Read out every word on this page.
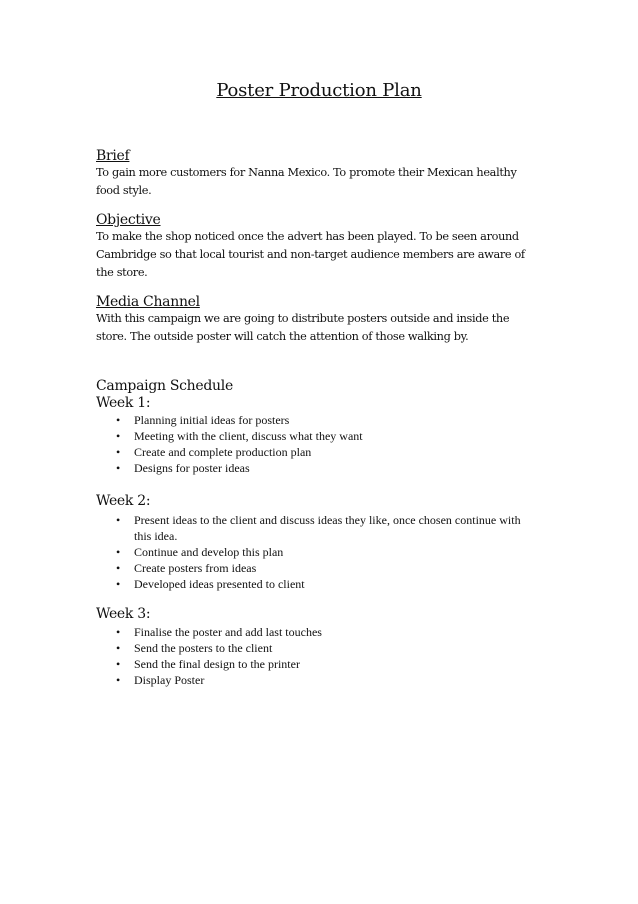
Poster Production Plan
Brief
To gain more customers for Nanna Mexico. To promote their Mexican healthy food style.
Objective
To make the shop noticed once the advert has been played. To be seen around Cambridge so that local tourist and non-target audience members are aware of the store.
Media Channel
With this campaign we are going to distribute posters outside and inside the store. The outside poster will catch the attention of those walking by.
Campaign Schedule
Week 1:
• Planning initial ideas for posters
• Meeting with the client, discuss what they want
• Create and complete production plan
• Designs for poster ideas
Week 2:
• Present ideas to the client and discuss ideas they like, once chosen continue with this idea.
• Continue and develop this plan
• Create posters from ideas
• Developed ideas presented to client
Week 3:
• Finalise the poster and add last touches
• Send the posters to the client
• Send the final design to the printer
• Display Poster
